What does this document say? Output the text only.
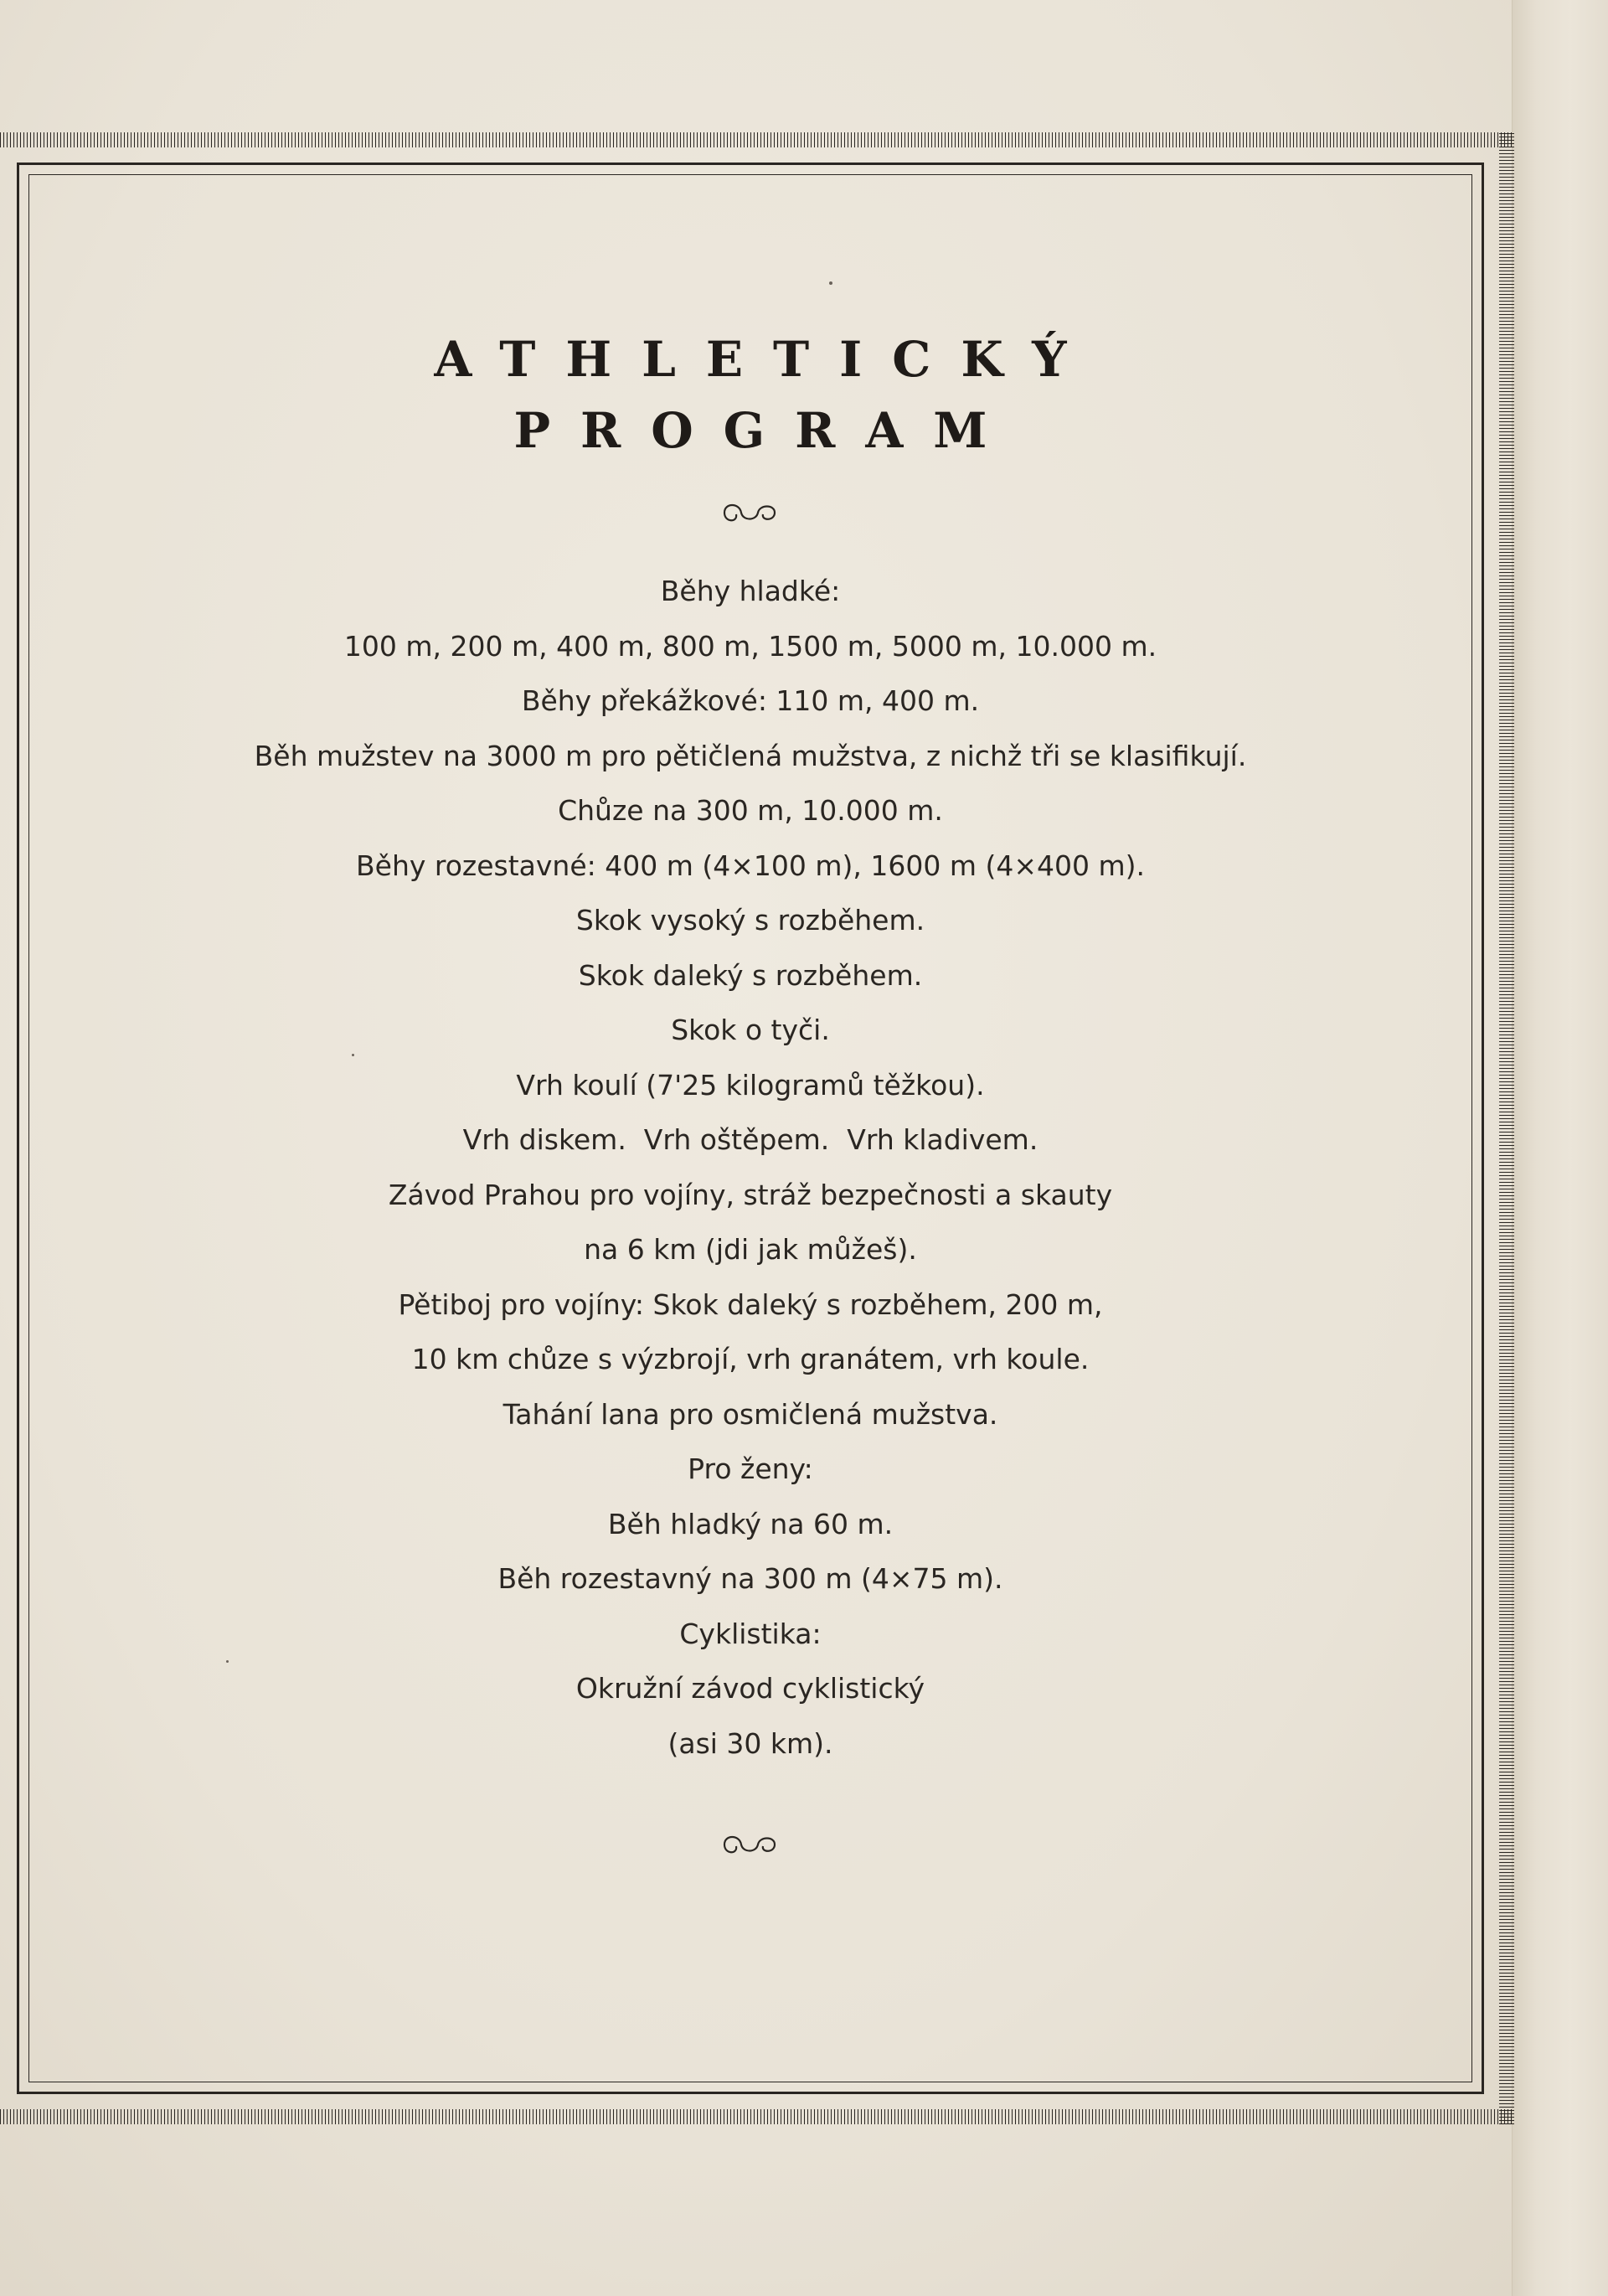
ATHLETICKÝ
PROGRAM
Běhy hladké:
100 m, 200 m, 400 m, 800 m, 1500 m, 5000 m, 10.000 m.
Běhy překážkové: 110 m, 400 m.
Běh mužstev na 3000 m pro pětičlená mužstva, z nichž tři se klasifikují.
Chůze na 300 m, 10.000 m.
Běhy rozestavné: 400 m (4×100 m), 1600 m (4×400 m).
Skok vysoký s rozběhem.
Skok daleký s rozběhem.
Skok o tyči.
Vrh koulí (7'25 kilogramů těžkou).
Vrh diskem.  Vrh oštěpem.  Vrh kladivem.
Závod Prahou pro vojíny, stráž bezpečnosti a skauty
na 6 km (jdi jak můžeš).
Pětiboj pro vojíny: Skok daleký s rozběhem, 200 m,
10 km chůze s výzbrojí, vrh granátem, vrh koule.
Tahání lana pro osmičlená mužstva.
Pro ženy:
Běh hladký na 60 m.
Běh rozestavný na 300 m (4×75 m).
Cyklistika:
Okružní závod cyklistický
(asi 30 km).
